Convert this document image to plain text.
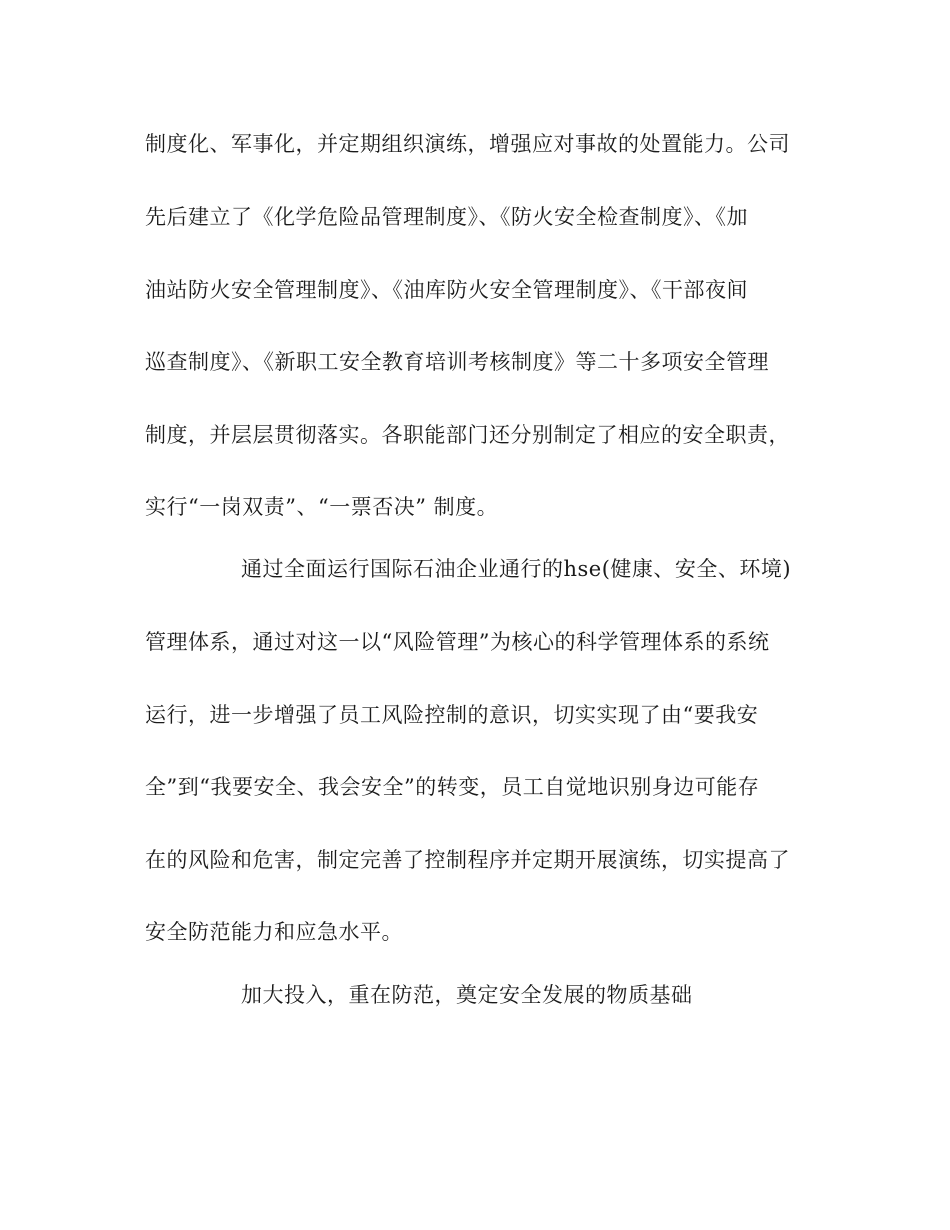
制度化、军事化，并定期组织演练，增强应对事故的处置能力。公司

先后建立了《化学危险品管理制度》、《防火安全检查制度》、《加

油站防火安全管理制度》、《油库防火安全管理制度》、《干部夜间

巡查制度》、《新职工安全教育培训考核制度》等二十多项安全管理

制度，并层层贯彻落实。各职能部门还分别制定了相应的安全职责，

实行“一岗双责”、“一票否决” 制度。

通过全面运行国际石油企业通行的hse(健康、安全、环境)

管理体系，通过对这一以“风险管理”为核心的科学管理体系的系统

运行，进一步增强了员工风险控制的意识，切实实现了由“要我安

全”到“我要安全、我会安全”的转变，员工自觉地识别身边可能存

在的风险和危害，制定完善了控制程序并定期开展演练，切实提高了

安全防范能力和应急水平。

加大投入，重在防范，奠定安全发展的物质基础
